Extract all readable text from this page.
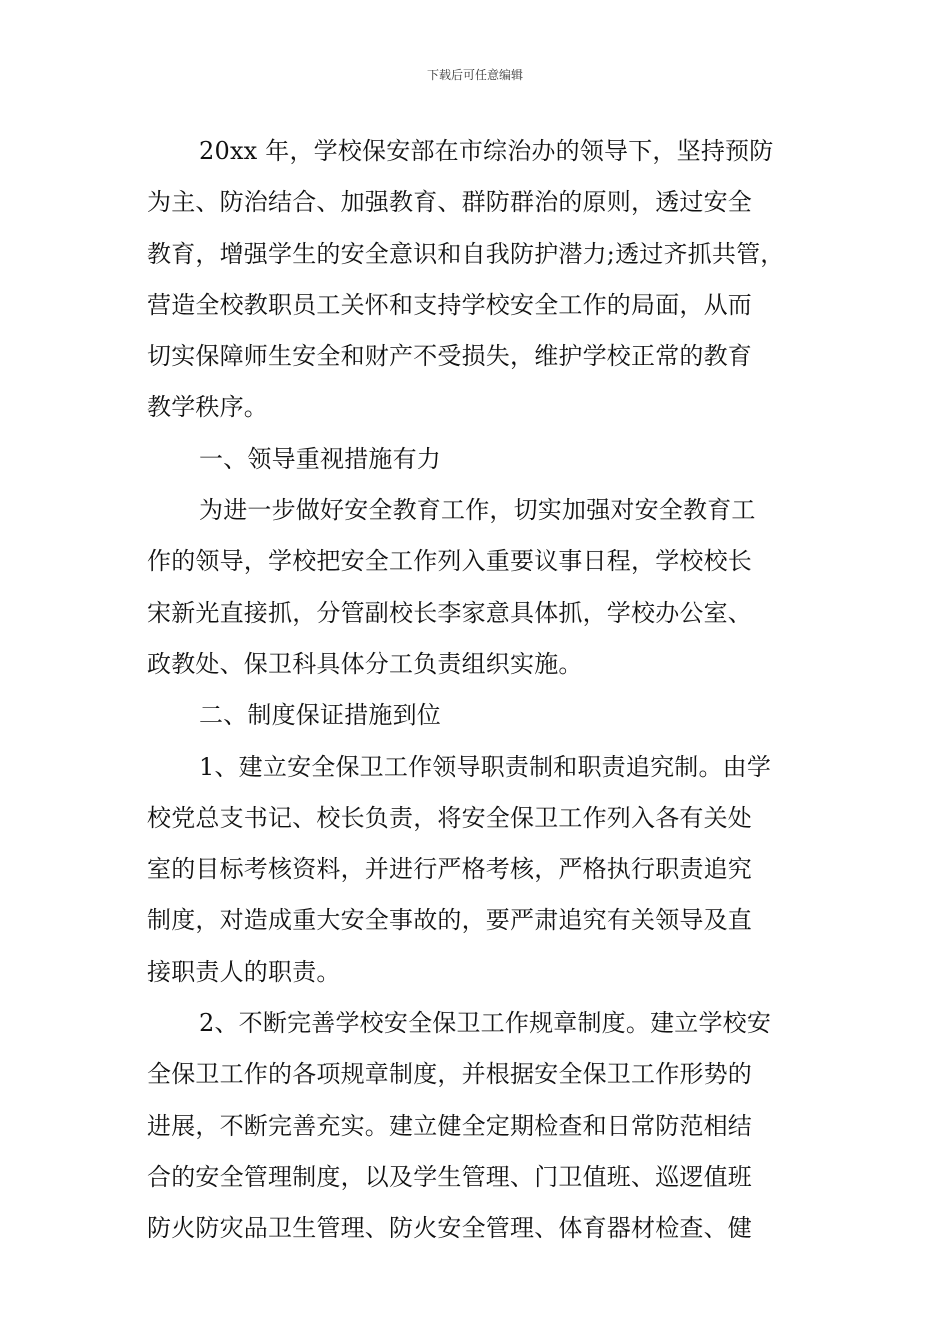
下载后可任意编辑
20xx 年，学校保安部在市综治办的领导下，坚持预防
为主、防治结合、加强教育、群防群治的原则，透过安全
教育，增强学生的安全意识和自我防护潜力;透过齐抓共管，
营造全校教职员工关怀和支持学校安全工作的局面，从而
切实保障师生安全和财产不受损失，维护学校正常的教育
教学秩序。
一、领导重视措施有力
为进一步做好安全教育工作，切实加强对安全教育工
作的领导，学校把安全工作列入重要议事日程，学校校长
宋新光直接抓，分管副校长李家意具体抓，学校办公室、
政教处、保卫科具体分工负责组织实施。
二、制度保证措施到位
1、建立安全保卫工作领导职责制和职责追究制。由学
校党总支书记、校长负责，将安全保卫工作列入各有关处
室的目标考核资料，并进行严格考核，严格执行职责追究
制度，对造成重大安全事故的，要严肃追究有关领导及直
接职责人的职责。
2、不断完善学校安全保卫工作规章制度。建立学校安
全保卫工作的各项规章制度，并根据安全保卫工作形势的
进展，不断完善充实。建立健全定期检查和日常防范相结
合的安全管理制度，以及学生管理、门卫值班、巡逻值班
防火防灾品卫生管理、防火安全管理、体育器材检查、健
